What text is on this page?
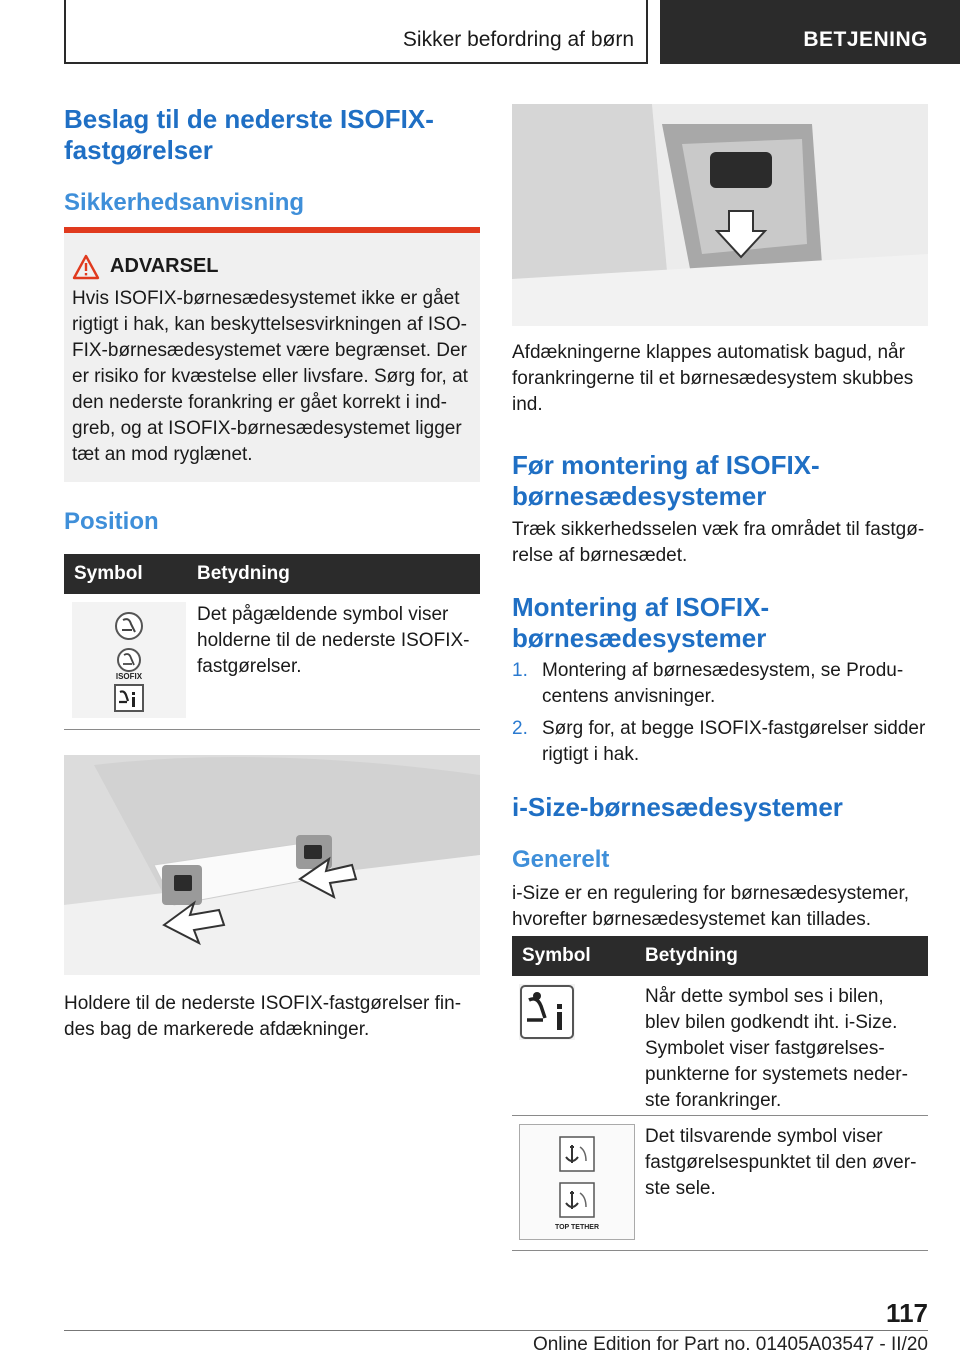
Sikker befordring af børn	BETJENING
Beslag til de nederste ISOFIX-
fastgørelser
Sikkerhedsanvisning
ADVARSEL
Hvis ISOFIX-børnesædesystemet ikke er gået
rigtigt i hak, kan beskyttelsesvirkningen af ISO-
FIX-børnesædesystemet være begrænset. Der
er risiko for kvæstelse eller livsfare. Sørg for, at
den nederste forankring er gået korrekt i ind-
greb, og at ISOFIX-børnesædesystemet ligger
tæt an mod ryglænet.
Position
Symbol	Betydning
ISOFIX
Det pågældende symbol viser
holderne til de nederste ISOFIX-
fastgørelser.
Holdere til de nederste ISOFIX-fastgørelser fin-
des bag de markerede afdækninger.
Afdækningerne klappes automatisk bagud, når
forankringerne til et børnesædesystem skubbes
ind.
Før montering af ISOFIX-
børnesædesystemer
Træk sikkerhedsselen væk fra området til fastgø-
relse af børnesædet.
Montering af ISOFIX-
børnesædesystemer
1. Montering af børnesædesystem, se Produ-
centens anvisninger.
2. Sørg for, at begge ISOFIX-fastgørelser sidder
rigtigt i hak.
i-Size-børnesædesystemer
Generelt
i-Size er en regulering for børnesædesystemer,
hvorefter børnesædesystemet kan tillades.
Symbol	Betydning
Når dette symbol ses i bilen,
blev bilen godkendt iht. i-Size.
Symbolet viser fastgørelses-
punkterne for systemets neder-
ste forankringer.
TOP TETHER
Det tilsvarende symbol viser
fastgørelsespunktet til den øver-
ste sele.
117
Online Edition for Part no. 01405A03547 - II/20
